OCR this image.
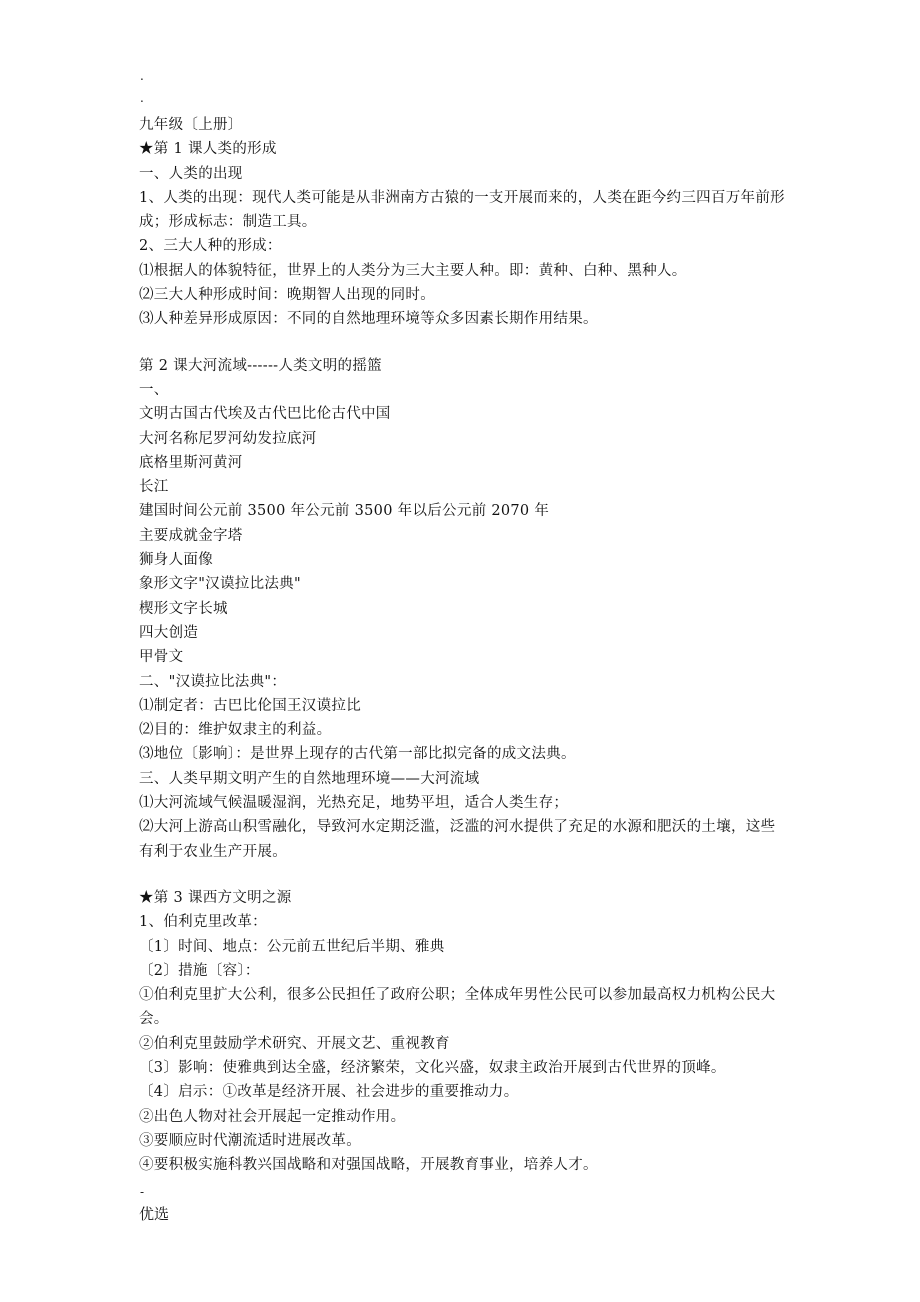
.
.
九年级〔上册〕
★第 1 课人类的形成
一、人类的出现
1、人类的出现：现代人类可能是从非洲南方古猿的一支开展而来的，人类在距今约三四百万年前形成；形成标志：制造工具。
2、三大人种的形成：
⑴根据人的体貌特征，世界上的人类分为三大主要人种。即：黄种、白种、黑种人。
⑵三大人种形成时间：晚期智人出现的同时。
⑶人种差异形成原因：不同的自然地理环境等众多因素长期作用结果。
第 2 课大河流域------人类文明的摇篮
一、
文明古国古代埃及古代巴比伦古代中国
大河名称尼罗河幼发拉底河
底格里斯河黄河
长江
建国时间公元前 3500 年公元前 3500 年以后公元前 2070 年
主要成就金字塔
狮身人面像
象形文字"汉谟拉比法典"
楔形文字长城
四大创造
甲骨文
二、"汉谟拉比法典"：
⑴制定者：古巴比伦国王汉谟拉比
⑵目的：维护奴隶主的利益。
⑶地位〔影响〕：是世界上现存的古代第一部比拟完备的成文法典。
三、人类早期文明产生的自然地理环境——大河流域
⑴大河流域气候温暖湿润，光热充足，地势平坦，适合人类生存；
⑵大河上游高山积雪融化，导致河水定期泛滥，泛滥的河水提供了充足的水源和肥沃的土壤，这些有利于农业生产开展。
★第 3 课西方文明之源
1、伯利克里改革：
〔1〕时间、地点：公元前五世纪后半期、雅典
〔2〕措施〔容〕：
①伯利克里扩大公利，很多公民担任了政府公职；全体成年男性公民可以参加最高权力机构公民大会。
②伯利克里鼓励学术研究、开展文艺、重视教育
〔3〕影响：使雅典到达全盛，经济繁荣，文化兴盛，奴隶主政治开展到古代世界的顶峰。
〔4〕启示：①改革是经济开展、社会进步的重要推动力。
②出色人物对社会开展起一定推动作用。
③要顺应时代潮流适时进展改革。
④要积极实施科教兴国战略和对强国战略，开展教育事业，培养人才。
-
优选
